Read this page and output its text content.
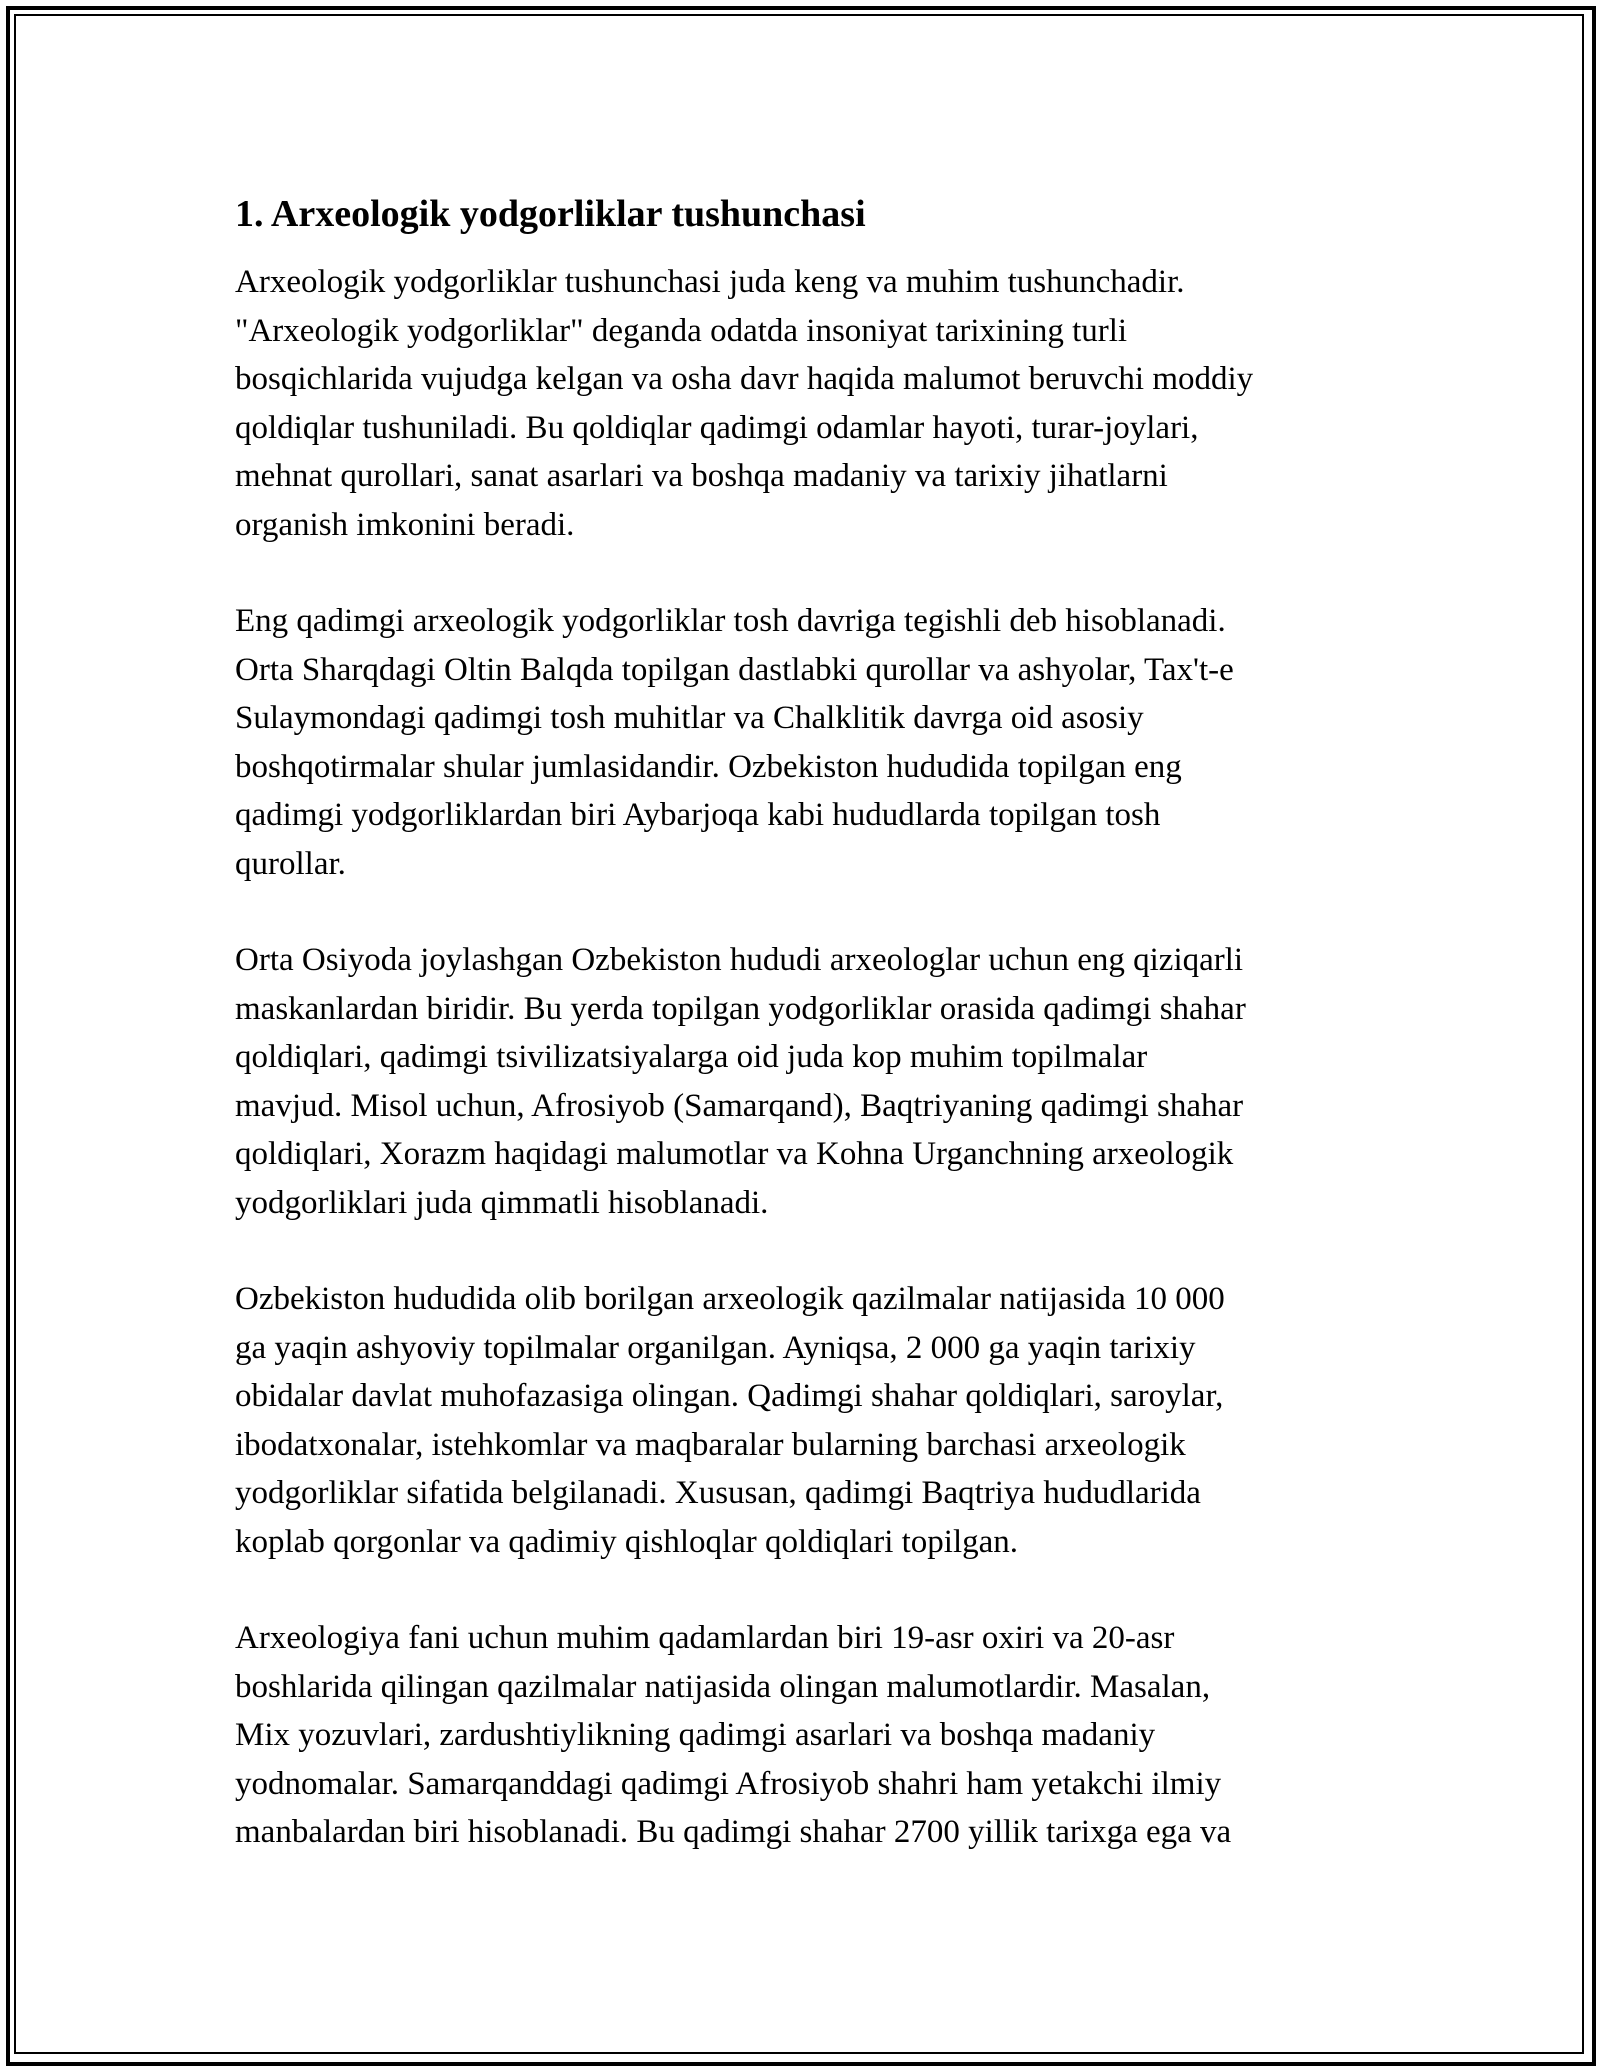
1. Arxeologik yodgorliklar tushunchasi

Arxeologik yodgorliklar tushunchasi juda keng va muhim tushunchadir.
"Arxeologik yodgorliklar" deganda odatda insoniyat tarixining turli
bosqichlarida vujudga kelgan va osha davr haqida malumot beruvchi moddiy
qoldiqlar tushuniladi. Bu qoldiqlar qadimgi odamlar hayoti, turar-joylari,
mehnat qurollari, sanat asarlari va boshqa madaniy va tarixiy jihatlarni
organish imkonini beradi.

Eng qadimgi arxeologik yodgorliklar tosh davriga tegishli deb hisoblanadi.
Orta Sharqdagi Oltin Balqda topilgan dastlabki qurollar va ashyolar, Tax't-e
Sulaymondagi qadimgi tosh muhitlar va Chalklitik davrga oid asosiy
boshqotirmalar shular jumlasidandir. Ozbekiston hududida topilgan eng
qadimgi yodgorliklardan biri Aybarjoqa kabi hududlarda topilgan tosh
qurollar.

Orta Osiyoda joylashgan Ozbekiston hududi arxeologlar uchun eng qiziqarli
maskanlardan biridir. Bu yerda topilgan yodgorliklar orasida qadimgi shahar
qoldiqlari, qadimgi tsivilizatsiyalarga oid juda kop muhim topilmalar
mavjud. Misol uchun, Afrosiyob (Samarqand), Baqtriyaning qadimgi shahar
qoldiqlari, Xorazm haqidagi malumotlar va Kohna Urganchning arxeologik
yodgorliklari juda qimmatli hisoblanadi.

Ozbekiston hududida olib borilgan arxeologik qazilmalar natijasida 10 000
ga yaqin ashyoviy topilmalar organilgan. Ayniqsa, 2 000 ga yaqin tarixiy
obidalar davlat muhofazasiga olingan. Qadimgi shahar qoldiqlari, saroylar,
ibodatxonalar, istehkomlar va maqbaralar bularning barchasi arxeologik
yodgorliklar sifatida belgilanadi. Xususan, qadimgi Baqtriya hududlarida
koplab qorgonlar va qadimiy qishloqlar qoldiqlari topilgan.

Arxeologiya fani uchun muhim qadamlardan biri 19-asr oxiri va 20-asr
boshlarida qilingan qazilmalar natijasida olingan malumotlardir. Masalan,
Mix yozuvlari, zardushtiylikning qadimgi asarlari va boshqa madaniy
yodnomalar. Samarqanddagi qadimgi Afrosiyob shahri ham yetakchi ilmiy
manbalardan biri hisoblanadi. Bu qadimgi shahar 2700 yillik tarixga ega va
